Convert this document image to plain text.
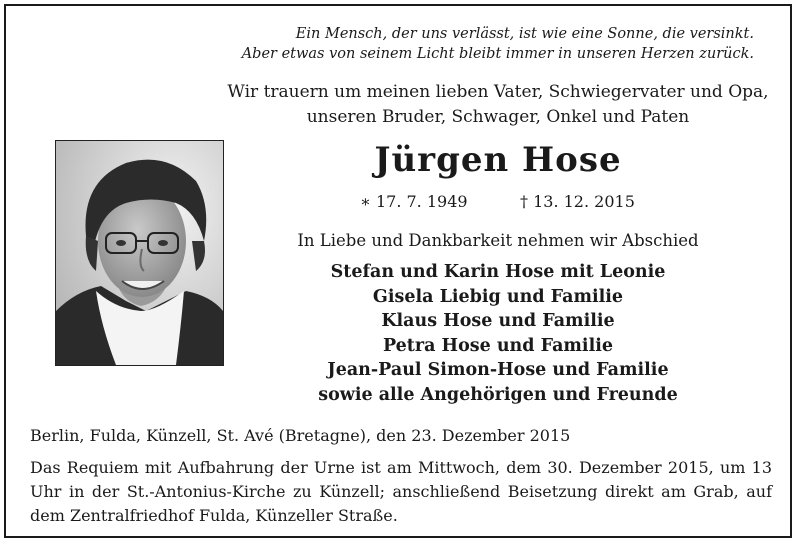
Ein Mensch, der uns verlässt, ist wie eine Sonne, die versinkt.
Aber etwas von seinem Licht bleibt immer in unseren Herzen zurück.
Wir trauern um meinen lieben Vater, Schwiegervater und Opa,
unseren Bruder, Schwager, Onkel und Paten
Jürgen Hose
∗ 17. 7. 1949	† 13. 12. 2015
In Liebe und Dankbarkeit nehmen wir Abschied
Stefan und Karin Hose mit Leonie
Gisela Liebig und Familie
Klaus Hose und Familie
Petra Hose und Familie
Jean-Paul Simon-Hose und Familie
sowie alle Angehörigen und Freunde
Berlin, Fulda, Künzell, St. Avé (Bretagne), den 23. Dezember 2015
Das Requiem mit Aufbahrung der Urne ist am Mittwoch, dem 30. Dezember 2015, um 13 Uhr in der St.-Antonius-Kirche zu Künzell; anschließend Beisetzung direkt am Grab, auf dem Zentralfriedhof Fulda, Künzeller Straße.
